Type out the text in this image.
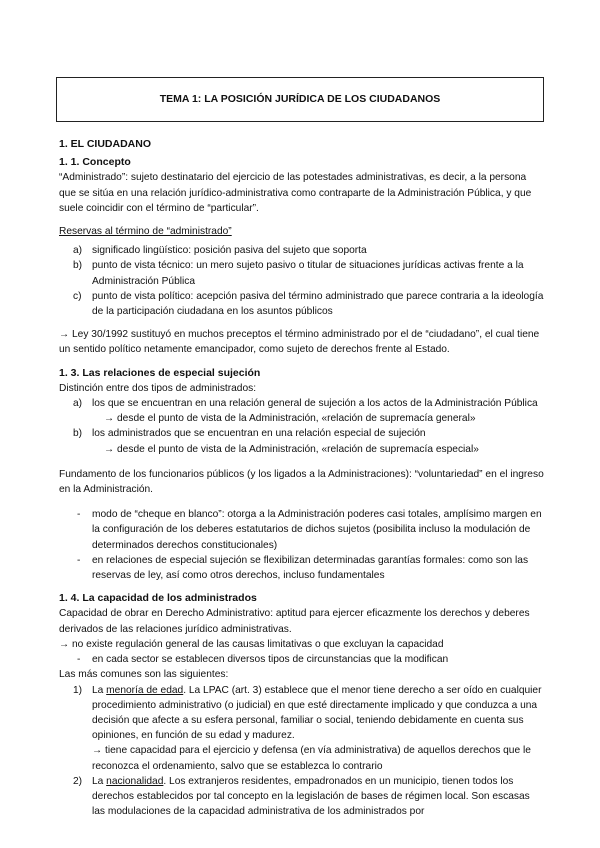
TEMA 1: LA POSICIÓN JURÍDICA DE LOS CIUDADANOS
1. EL CIUDADANO
1. 1. Concepto

“Administrado”: sujeto destinatario del ejercicio de las potestades administrativas, es decir, a la persona que se sitúa en una relación jurídico-administrativa como contraparte de la Administración Pública, y que suele coincidir con el término de “particular”.

Reservas al término de “administrado”

a) significado lingüístico: posición pasiva del sujeto que soporta
b) punto de vista técnico: un mero sujeto pasivo o titular de situaciones jurídicas activas frente a la Administración Pública
c) punto de vista político: acepción pasiva del término administrado que parece contraria a la ideología de la participación ciudadana en los asuntos públicos

→ Ley 30/1992 sustituyó en muchos preceptos el término administrado por el de “ciudadano”, el cual tiene un sentido político netamente emancipador, como sujeto de derechos frente al Estado.

1. 3. Las relaciones de especial sujeción

Distinción entre dos tipos de administrados:

a) los que se encuentran en una relación general de sujeción a los actos de la Administración Pública
→ desde el punto de vista de la Administración, «relación de supremacía general»
b) los administrados que se encuentran en una relación especial de sujeción
→ desde el punto de vista de la Administración, «relación de supremacía especial»

Fundamento de los funcionarios públicos (y los ligados a la Administraciones): “voluntariedad” en el ingreso en la Administración.

- modo de “cheque en blanco”: otorga a la Administración poderes casi totales, amplísimo margen en la configuración de los deberes estatutarios de dichos sujetos (posibilita incluso la modulación de determinados derechos constitucionales)
- en relaciones de especial sujeción se flexibilizan determinadas garantías formales: como son las reservas de ley, así como otros derechos, incluso fundamentales
1. 4. La capacidad de los administrados

Capacidad de obrar en Derecho Administrativo: aptitud para ejercer eficazmente los derechos y deberes derivados de las relaciones jurídico administrativas.

→ no existe regulación general de las causas limitativas o que excluyan la capacidad

- en cada sector se establecen diversos tipos de circunstancias que la modifican

Las más comunes son las siguientes:

1) La menoría de edad. La LPAC (art. 3) establece que el menor tiene derecho a ser oído en cualquier procedimiento administrativo (o judicial) en que esté directamente implicado y que conduzca a una decisión que afecte a su esfera personal, familiar o social, teniendo debidamente en cuenta sus opiniones, en función de su edad y madurez.
→ tiene capacidad para el ejercicio y defensa (en vía administrativa) de aquellos derechos que le reconozca el ordenamiento, salvo que se establezca lo contrario
2) La nacionalidad. Los extranjeros residentes, empadronados en un municipio, tienen todos los derechos establecidos por tal concepto en la legislación de bases de régimen local. Son escasas las modulaciones de la capacidad administrativa de los administrados por
